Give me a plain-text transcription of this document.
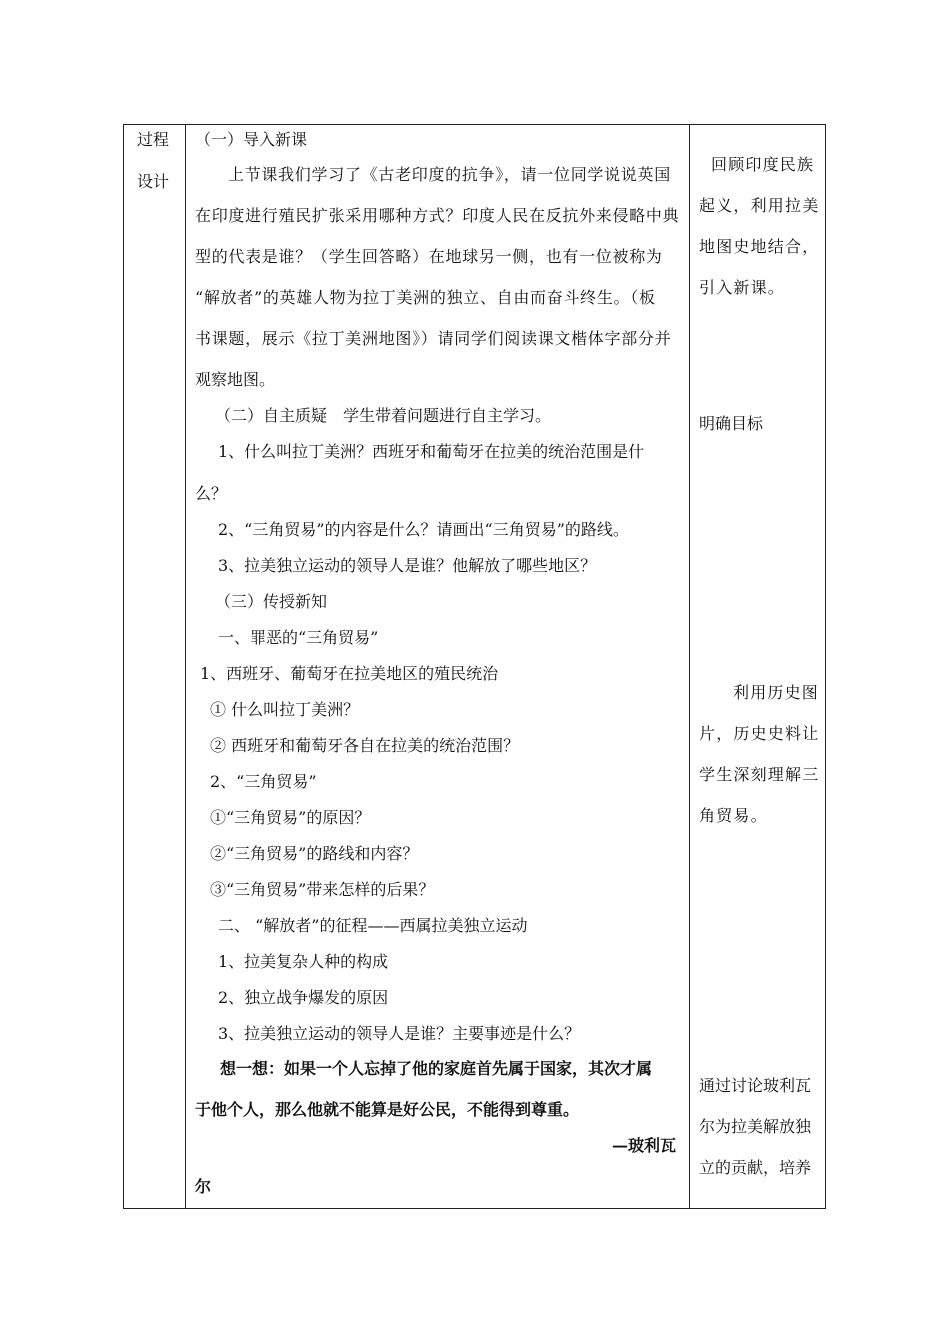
过程
设计
（一）导入新课
上节课我们学习了《古老印度的抗争》，请一位同学说说英国
在印度进行殖民扩张采用哪种方式？印度人民在反抗外来侵略中典
型的代表是谁？（学生回答略）在地球另一侧，也有一位被称为
“解放者”的英雄人物为拉丁美洲的独立、自由而奋斗终生。（板
书课题，展示《拉丁美洲地图》）请同学们阅读课文楷体字部分并
观察地图。
（二）自主质疑　学生带着问题进行自主学习。
1、什么叫拉丁美洲？西班牙和葡萄牙在拉美的统治范围是什
么？
2、“三角贸易”的内容是什么？请画出“三角贸易”的路线。
3、拉美独立运动的领导人是谁？他解放了哪些地区？
（三）传授新知
一、罪恶的“三角贸易”
1、西班牙、葡萄牙在拉美地区的殖民统治
① 什么叫拉丁美洲？
② 西班牙和葡萄牙各自在拉美的统治范围？
2、“三角贸易”
①“三角贸易”的原因？
②“三角贸易”的路线和内容？
③“三角贸易”带来怎样的后果？
二、 “解放者”的征程——西属拉美独立运动
1、拉美复杂人种的构成
2、独立战争爆发的原因
3、拉美独立运动的领导人是谁？主要事迹是什么？
想一想：如果一个人忘掉了他的家庭首先属于国家，其次才属
于他个人，那么他就不能算是好公民，不能得到尊重。
—玻利瓦
尔
回顾印度民族
起义，利用拉美
地图史地结合，
引入新课。
明确目标
利用历史图
片，历史史料让
学生深刻理解三
角贸易。
通过讨论玻利瓦
尔为拉美解放独
立的贡献，培养
